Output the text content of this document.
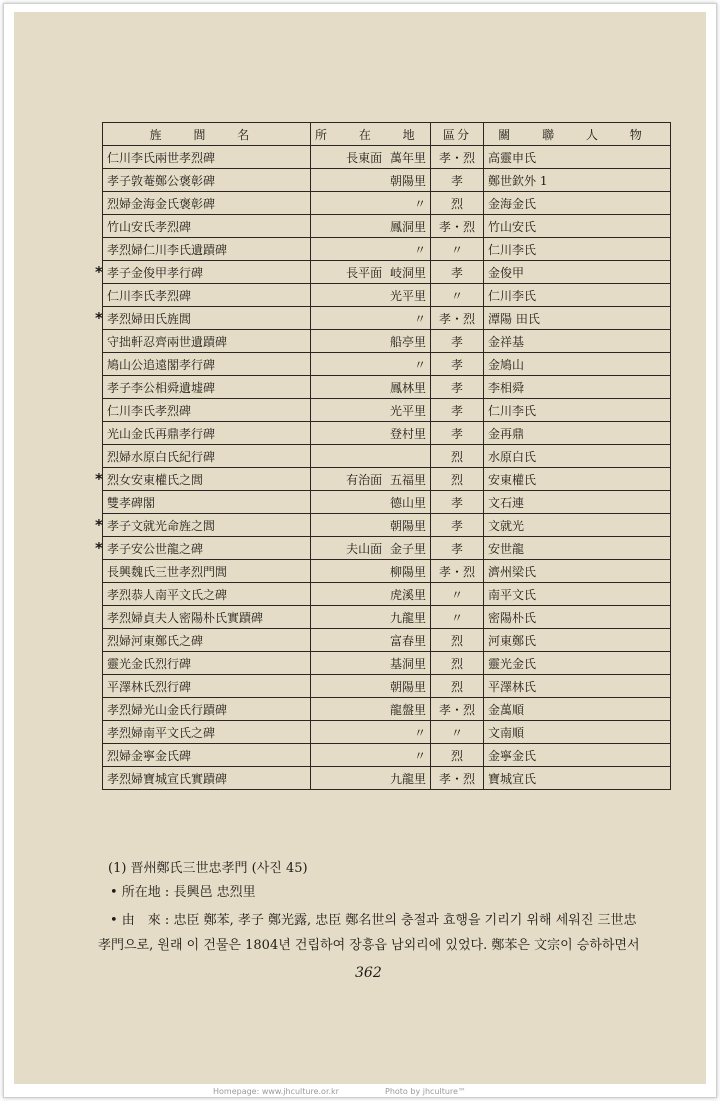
旌 閭 名	所 在 地	區分	關 聯 人 物
仁川李氏兩世孝烈碑	長東面 萬年里	孝・烈	高靈申氏
孝子敦菴鄭公褒彰碑	朝陽里	孝	鄭世欽外 1
烈婦金海金氏褒彰碑	〃	烈	金海金氏
竹山安氏孝烈碑	鳳洞里	孝・烈	竹山安氏
孝烈婦仁川李氏遺蹟碑	〃	〃	仁川李氏
孝子金俊甲孝行碑	長平面 岐洞里	孝	金俊甲
仁川李氏孝烈碑	光平里	〃	仁川李氏
孝烈婦田氏旌閭	〃	孝・烈	潭陽 田氏
守拙軒忍齊兩世遺蹟碑	船亭里	孝	金祥基
鳩山公追遠閣孝行碑	〃	孝	金鳩山
孝子李公相舜遺墟碑	鳳林里	孝	李相舜
仁川李氏孝烈碑	光平里	孝	仁川李氏
光山金氏再鼎孝行碑	登村里	孝	金再鼎
烈婦水原白氏紀行碑		烈	水原白氏
烈女安東權氏之閭	有治面 五福里	烈	安東權氏
雙孝碑閣	德山里	孝	文石連
孝子文就光命旌之閭	朝陽里	孝	文就光
孝子安公世龍之碑	夫山面 金子里	孝	安世龍
長興魏氏三世孝烈門閭	柳陽里	孝・烈	濟州梁氏
孝烈恭人南平文氏之碑	虎溪里	〃	南平文氏
孝烈婦貞夫人密陽朴氏實蹟碑	九龍里	〃	密陽朴氏
烈婦河東鄭氏之碑	富春里	烈	河東鄭氏
靈光金氏烈行碑	基洞里	烈	靈光金氏
平澤林氏烈行碑	朝陽里	烈	平澤林氏
孝烈婦光山金氏行蹟碑	龍盤里	孝・烈	金萬順
孝烈婦南平文氏之碑	〃	〃	文南順
烈婦金寧金氏碑	〃	烈	金寧金氏
孝烈婦寶城宣氏實蹟碑	九龍里	孝・烈	寶城宣氏
*
*
*
*
*
(1) 晋州鄭氏三世忠孝門 (사진 45)
• 所在地 : 長興邑 忠烈里
• 由　來 : 忠臣 鄭苯, 孝子 鄭光露, 忠臣 鄭名世의 충절과 효행을 기리기 위해 세워진 三世忠
孝門으로, 원래 이 건물은 1804년 건립하여 장흥읍 남외리에 있었다. 鄭苯은 文宗이 승하하면서
362
Homepage: www.jhculture.or.kr	Photo by jhculture™
